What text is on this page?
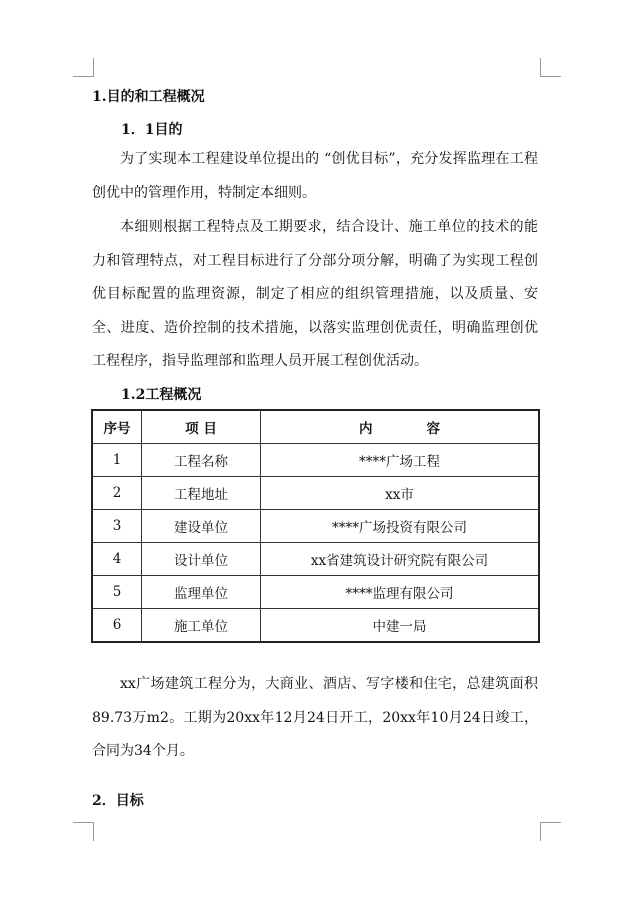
1.目的和工程概况
1．1目的

为了实现本工程建设单位提出的 “创优目标”，充分发挥监理在工程创优中的管理作用，特制定本细则。

本细则根据工程特点及工期要求，结合设计、施工单位的技术的能力和管理特点，对工程目标进行了分部分项分解，明确了为实现工程创优目标配置的监理资源，制定了相应的组织管理措施，以及质量、安全、进度、造价控制的技术措施，以落实监理创优责任，明确监理创优工程程序，指导监理部和监理人员开展工程创优活动。

1.2工程概况
序号	项 目	内　　　　容
1	工程名称	****广场工程
2	工程地址	xx市
3	建设单位	****广场投资有限公司
4	设计单位	xx省建筑设计研究院有限公司
5	监理单位	****监理有限公司
6	施工单位	中建一局

xx广场建筑工程分为，大商业、酒店、写字楼和住宅，总建筑面积89.73万m2。工期为20xx年12月24日开工，20xx年10月24日竣工，合同为34个月。

2．目标
